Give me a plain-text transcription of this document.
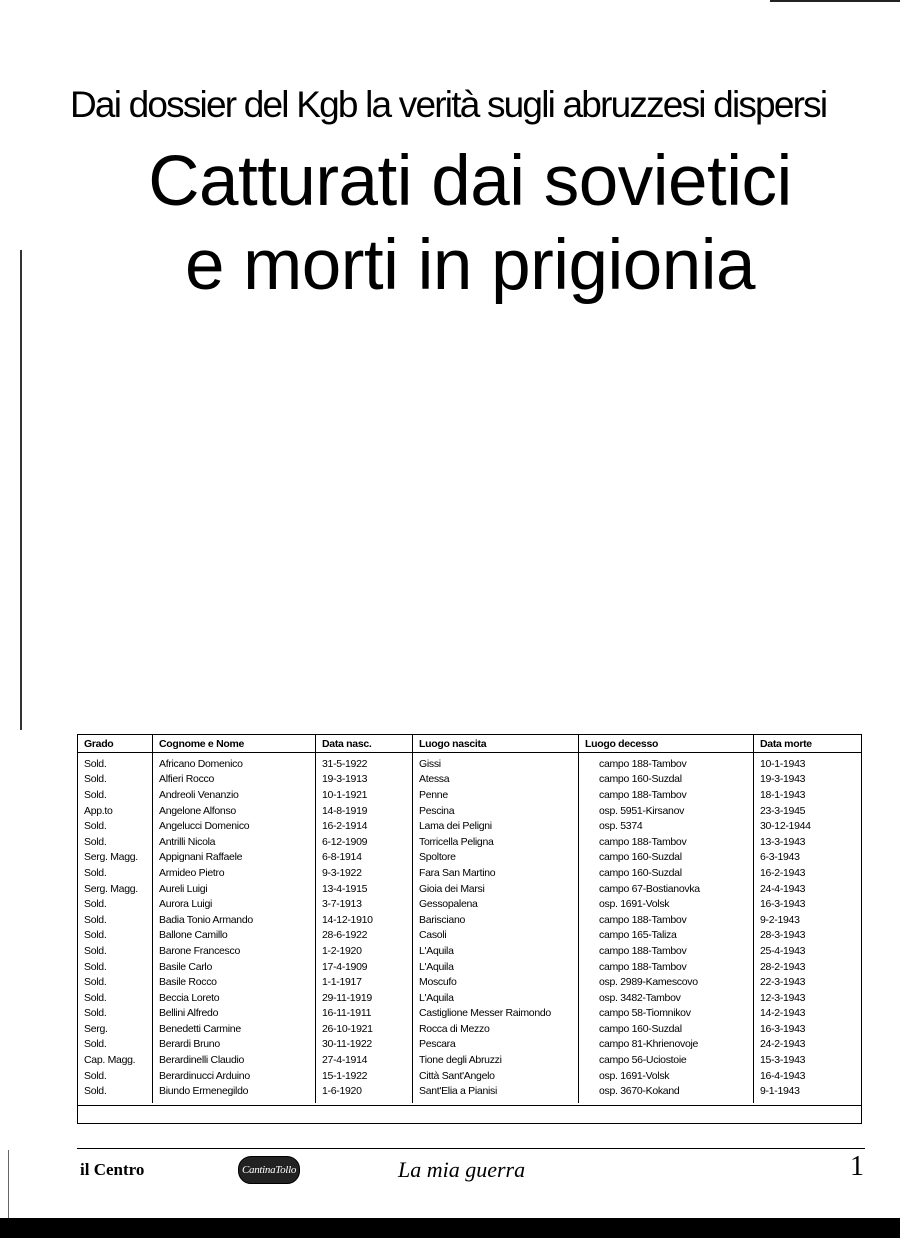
Dai dossier del Kgb la verità sugli abruzzesi dispersi
Catturati dai sovietici
e morti in prigionia
Grado	Cognome e Nome	Data nasc.	Luogo nascita	Luogo decesso	Data morte
Sold.	Africano Domenico	31-5-1922	Gissi	campo 188-Tambov	10-1-1943
Sold.	Alfieri Rocco	19-3-1913	Atessa	campo 160-Suzdal	19-3-1943
Sold.	Andreoli Venanzio	10-1-1921	Penne	campo 188-Tambov	18-1-1943
App.to	Angelone Alfonso	14-8-1919	Pescina	osp. 5951-Kirsanov	23-3-1945
Sold.	Angelucci Domenico	16-2-1914	Lama dei Peligni	osp. 5374	30-12-1944
Sold.	Antrilli Nicola	6-12-1909	Torricella Peligna	campo 188-Tambov	13-3-1943
Serg. Magg.	Appignani Raffaele	6-8-1914	Spoltore	campo 160-Suzdal	6-3-1943
Sold.	Armideo Pietro	9-3-1922	Fara San Martino	campo 160-Suzdal	16-2-1943
Serg. Magg.	Aureli Luigi	13-4-1915	Gioia dei Marsi	campo 67-Bostianovka	24-4-1943
Sold.	Aurora Luigi	3-7-1913	Gessopalena	osp. 1691-Volsk	16-3-1943
Sold.	Badia Tonio Armando	14-12-1910	Barisciano	campo 188-Tambov	9-2-1943
Sold.	Ballone Camillo	28-6-1922	Casoli	campo 165-Taliza	28-3-1943
Sold.	Barone Francesco	1-2-1920	L'Aquila	campo 188-Tambov	25-4-1943
Sold.	Basile Carlo	17-4-1909	L'Aquila	campo 188-Tambov	28-2-1943
Sold.	Basile Rocco	1-1-1917	Moscufo	osp. 2989-Kamescovo	22-3-1943
Sold.	Beccia Loreto	29-11-1919	L'Aquila	osp. 3482-Tambov	12-3-1943
Sold.	Bellini Alfredo	16-11-1911	Castiglione Messer Raimondo	campo 58-Tiomnikov	14-2-1943
Serg.	Benedetti Carmine	26-10-1921	Rocca di Mezzo	campo 160-Suzdal	16-3-1943
Sold.	Berardi Bruno	30-11-1922	Pescara	campo 81-Khrienovoje	24-2-1943
Cap. Magg.	Berardinelli Claudio	27-4-1914	Tione degli Abruzzi	campo 56-Uciostoie	15-3-1943
Sold.	Berardinucci Arduino	15-1-1922	Città Sant'Angelo	osp. 1691-Volsk	16-4-1943
Sold.	Biundo Ermenegildo	1-6-1920	Sant'Elia a Pianisi	osp. 3670-Kokand	9-1-1943

il Centro	CantinaTollo	La mia guerra	1
